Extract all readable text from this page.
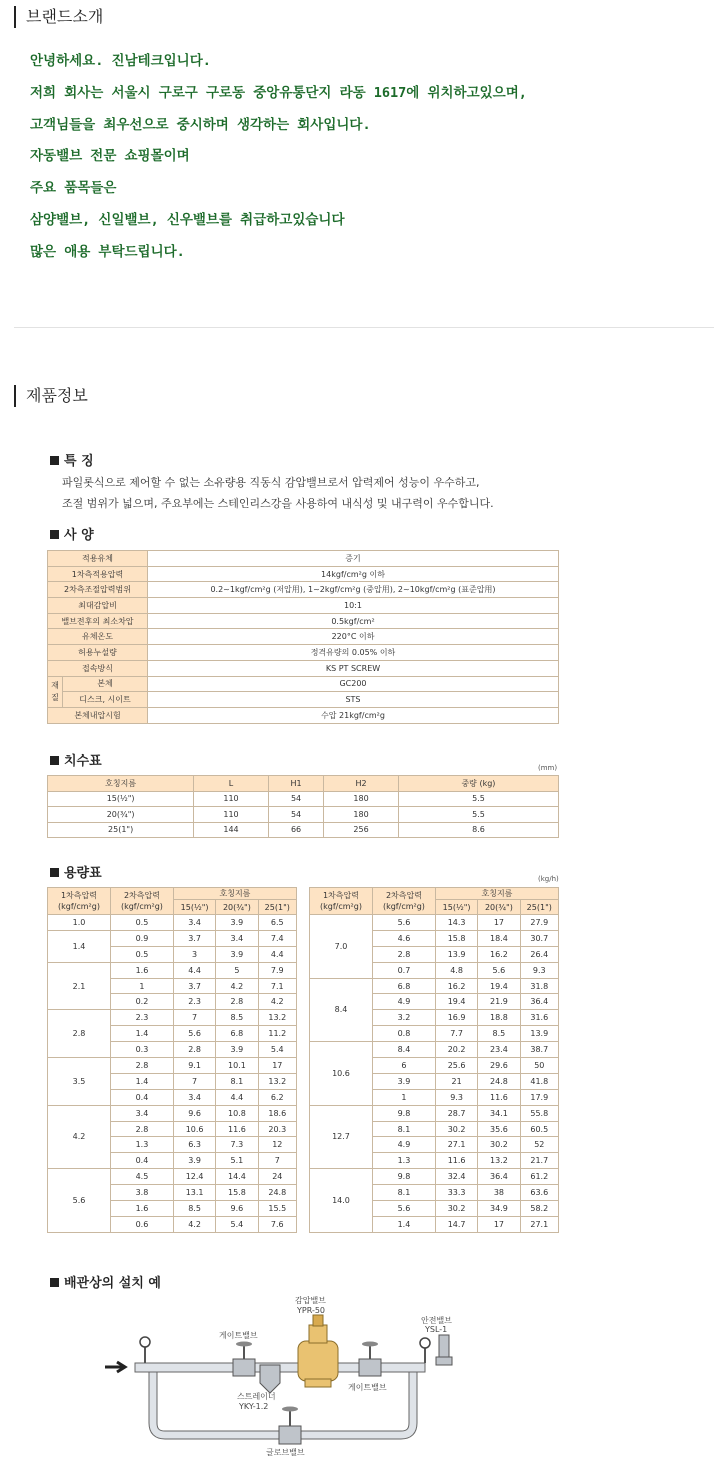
브랜드소개
안녕하세요. 진남테크입니다.
저희 회사는 서울시 구로구 구로동 중앙유통단지 라동 1617에 위치하고있으며,
고객님들을 최우선으로 중시하며 생각하는 회사입니다.
자동밸브 전문 쇼핑몰이며
주요 품목들은
삼양밸브, 신일밸브, 신우밸브를 취급하고있습니다
많은 애용 부탁드립니다.
제품정보
특 징
파일롯식으로 제어할 수 없는 소유량용 직동식 감압밸브로서 압력제어 성능이 우수하고,
조절 범위가 넓으며, 주요부에는 스테인리스강을 사용하여 내식성 및 내구력이 우수합니다.
사 양
적용유체		증기
1차측적용압력		14kgf/cm²g 이하
2차측조절압력범위		0.2~1kgf/cm²g (저압用), 1~2kgf/cm²g (중압用), 2~10kgf/cm²g (표준압用)
최대감압비		10:1
밸브전후의 최소차압		0.5kgf/cm²
유체온도		220°C 이하
허용누설량		정격유량의 0.05% 이하
접속방식		KS PT SCREW
재 질	본체	GC200
	디스크, 시이트	STS
본체내압시험		수압 21kgf/cm²g
치수표	(mm)
호칭지름	L	H1	H2	중량 (kg)
15(½")	110	54	180	5.5
20(¾")	110	54	180	5.5
25(1")	144	66	256	8.6
용량표	(kg/h)
1차측압력
(kgf/cm²g)	2차측압력
(kgf/cm²g)	호칭지름		
		15(½")	20(¾")	25(1")
1.0	0.5	3.4	3.9	6.5
1.4	0.9	3.7	3.4	7.4
	0.5	3	3.9	4.4
2.1	1.6	4.4	5	7.9
	1	3.7	4.2	7.1
	0.2	2.3	2.8	4.2
2.8	2.3	7	8.5	13.2
	1.4	5.6	6.8	11.2
	0.3	2.8	3.9	5.4
3.5	2.8	9.1	10.1	17
	1.4	7	8.1	13.2
	0.4	3.4	4.4	6.2
4.2	3.4	9.6	10.8	18.6
	2.8	10.6	11.6	20.3
	1.3	6.3	7.3	12
	0.4	3.9	5.1	7
5.6	4.5	12.4	14.4	24
	3.8	13.1	15.8	24.8
	1.6	8.5	9.6	15.5
	0.6	4.2	5.4	7.6
1차측압력
(kgf/cm²g)	2차측압력
(kgf/cm²g)	호칭지름		
		15(½")	20(¾")	25(1")
7.0	5.6	14.3	17	27.9
	4.6	15.8	18.4	30.7
	2.8	13.9	16.2	26.4
	0.7	4.8	5.6	9.3
8.4	6.8	16.2	19.4	31.8
	4.9	19.4	21.9	36.4
	3.2	16.9	18.8	31.6
	0.8	7.7	8.5	13.9
10.6	8.4	20.2	23.4	38.7
	6	25.6	29.6	50
	3.9	21	24.8	41.8
	1	9.3	11.6	17.9
12.7	9.8	28.7	34.1	55.8
	8.1	30.2	35.6	60.5
	4.9	27.1	30.2	52
	1.3	11.6	13.2	21.7
14.0	9.8	32.4	36.4	61.2
	8.1	33.3	38	63.6
	5.6	30.2	34.9	58.2
	1.4	14.7	17	27.1
배관상의 설치 예
감압밸브
YPR-50
게이트밸브
게이트밸브
스트레이너
YKY-1.2
글로브밸브
안전밸브
YSL-1
